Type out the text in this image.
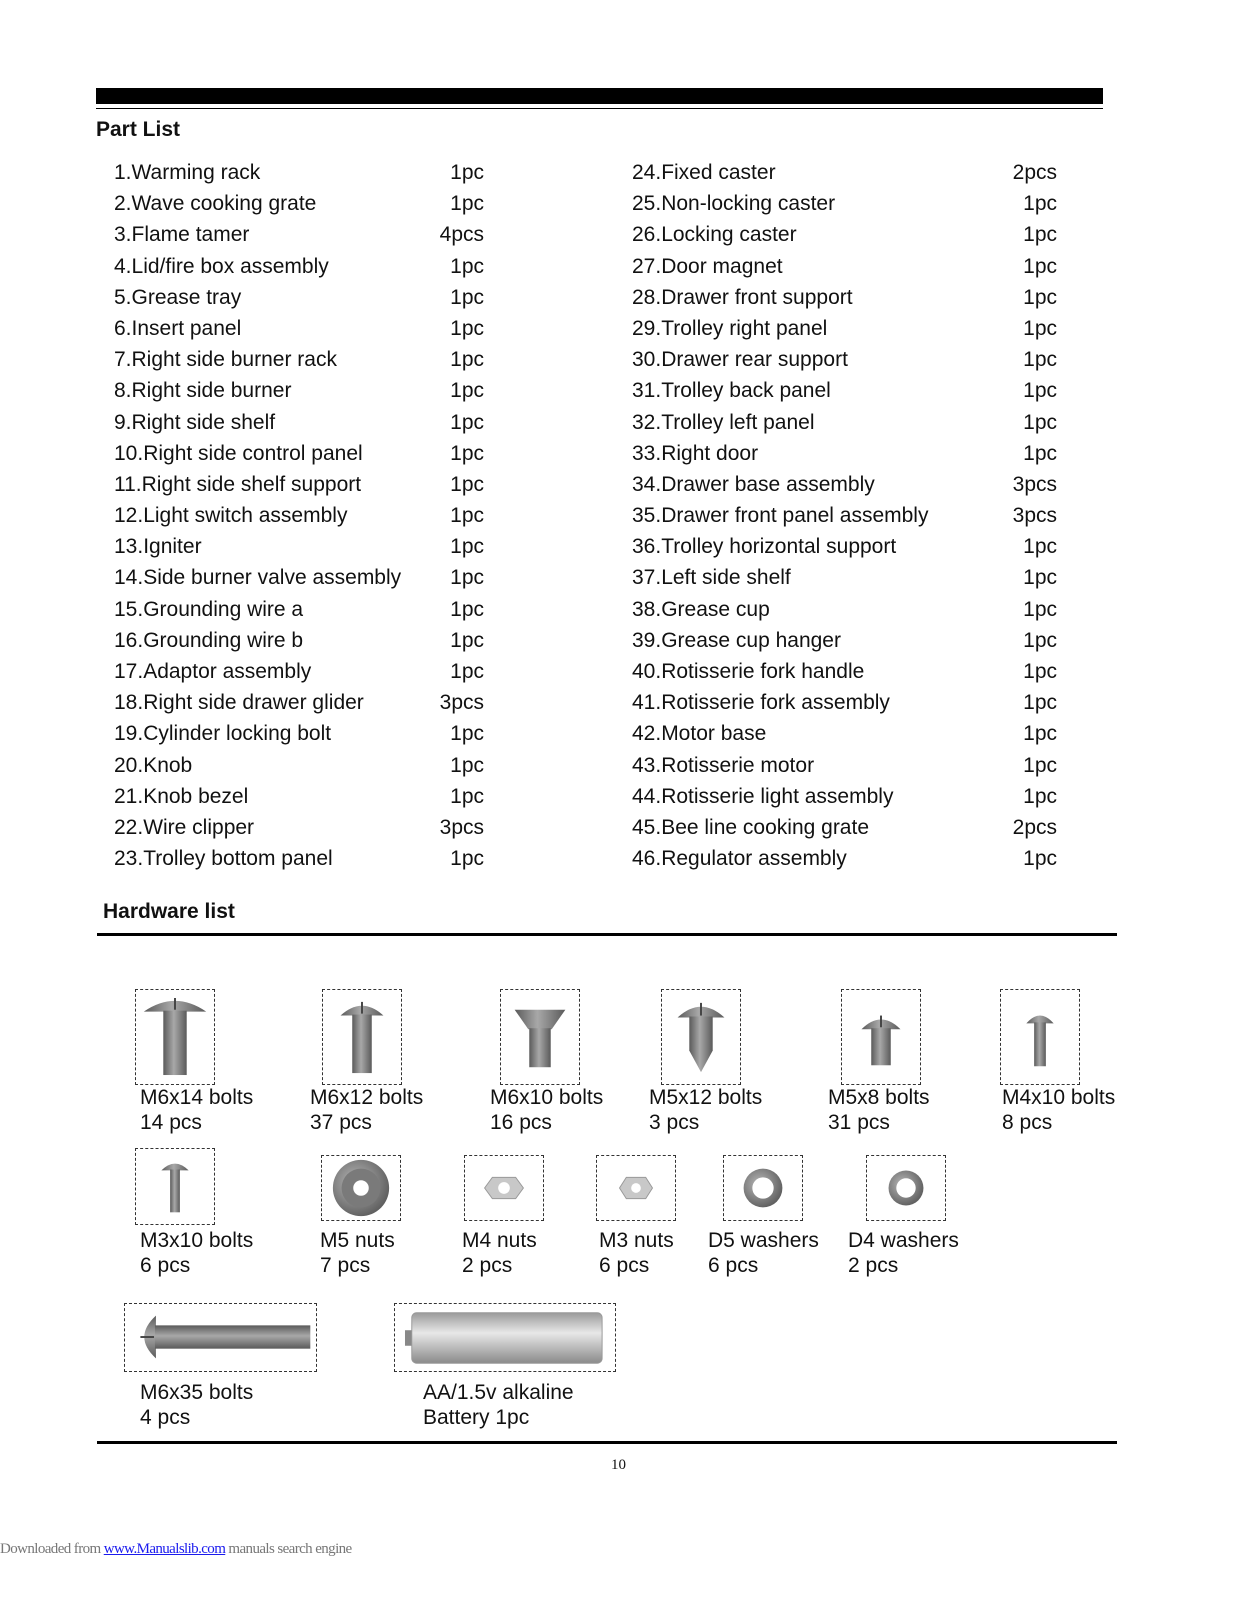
Part List
1.Warming rack	1pc
2.Wave cooking grate	1pc
3.Flame tamer	4pcs
4.Lid/fire box assembly	1pc
5.Grease tray	1pc
6.Insert panel	1pc
7.Right side burner rack	1pc
8.Right side burner	1pc
9.Right side shelf	1pc
10.Right side control panel	1pc
11.Right side shelf support	1pc
12.Light switch assembly	1pc
13.Igniter	1pc
14.Side burner valve assembly	1pc
15.Grounding wire a	1pc
16.Grounding wire b	1pc
17.Adaptor assembly	1pc
18.Right side drawer glider	3pcs
19.Cylinder locking bolt	1pc
20.Knob	1pc
21.Knob bezel	1pc
22.Wire clipper	3pcs
23.Trolley bottom panel	1pc
24.Fixed caster	2pcs
25.Non-locking caster	1pc
26.Locking caster	1pc
27.Door magnet	1pc
28.Drawer front support	1pc
29.Trolley right panel	1pc
30.Drawer rear support	1pc
31.Trolley back panel	1pc
32.Trolley left panel	1pc
33.Right door	1pc
34.Drawer base assembly	3pcs
35.Drawer front panel assembly	3pcs
36.Trolley horizontal support	1pc
37.Left side shelf	1pc
38.Grease cup	1pc
39.Grease cup hanger	1pc
40.Rotisserie fork handle	1pc
41.Rotisserie fork assembly	1pc
42.Motor base	1pc
43.Rotisserie motor	1pc
44.Rotisserie light assembly	1pc
45.Bee line cooking grate	2pcs
46.Regulator assembly	1pc
Hardware list
M6x14 bolts
14 pcs
M6x12 bolts
37 pcs
M6x10 bolts
16 pcs
M5x12 bolts
3 pcs
M5x8 bolts
31 pcs
M4x10 bolts
8 pcs
M3x10 bolts
6 pcs
M5 nuts
7 pcs
M4 nuts
2 pcs
M3 nuts
6 pcs
D5 washers
6 pcs
D4 washers
2 pcs
M6x35 bolts
4 pcs
AA/1.5v alkaline
Battery 1pc
10
Downloaded from www.Manualslib.com manuals search engine
